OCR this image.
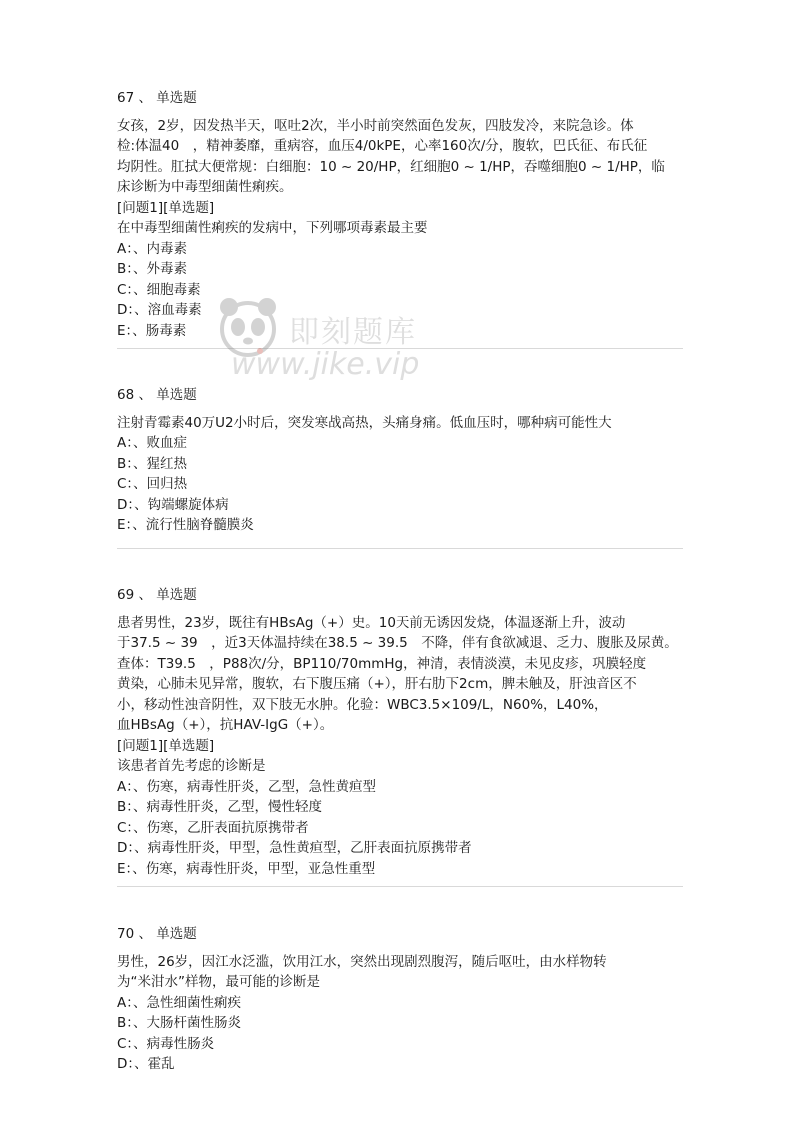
67 、 单选题
女孩，2岁，因发热半天，呕吐2次，半小时前突然面色发灰，四肢发冷，来院急诊。体
检:体温40　，精神萎靡，重病容，血压4/0kPE，心率160次/分，腹软，巴氏征、布氏征
均阴性。肛拭大便常规：白细胞：10 ~ 20/HP，红细胞0 ~ 1/HP，吞噬细胞0 ~ 1/HP，临
床诊断为中毒型细菌性痢疾。
[问题1][单选题]
在中毒型细菌性痢疾的发病中，下列哪项毒素最主要
A：、内毒素
B：、外毒素
C：、细胞毒素
D：、溶血毒素
E：、肠毒素
68 、 单选题
注射青霉素40万U2小时后，突发寒战高热，头痛身痛。低血压时，哪种病可能性大
A：、败血症
B：、猩红热
C：、回归热
D：、钩端螺旋体病
E：、流行性脑脊髓膜炎
69 、 单选题
患者男性，23岁，既往有HBsAg（+）史。10天前无诱因发烧，体温逐渐上升，波动
于37.5 ~ 39　，近3天体温持续在38.5 ~ 39.5　不降，伴有食欲减退、乏力、腹胀及尿黄。
查体：T39.5　，P88次/分，BP110/70mmHg，神清，表情淡漠，未见皮疹，巩膜轻度
黄染，心肺未见异常，腹软，右下腹压痛（+），肝右肋下2cm，脾未触及，肝浊音区不
小，移动性浊音阴性，双下肢无水肿。化验：WBC3.5×109/L，N60%，L40%，
血HBsAg（+），抗HAV-IgG（+）。
[问题1][单选题]
该患者首先考虑的诊断是
A：、伤寒，病毒性肝炎，乙型，急性黄疸型
B：、病毒性肝炎，乙型，慢性轻度
C：、伤寒，乙肝表面抗原携带者
D：、病毒性肝炎，甲型，急性黄疸型，乙肝表面抗原携带者
E：、伤寒，病毒性肝炎，甲型，亚急性重型
70 、 单选题
男性，26岁，因江水泛滥，饮用江水，突然出现剧烈腹泻，随后呕吐，由水样物转
为“米泔水”样物，最可能的诊断是
A：、急性细菌性痢疾
B：、大肠杆菌性肠炎
C：、病毒性肠炎
D：、霍乱
即刻题库
www.jike.vip
